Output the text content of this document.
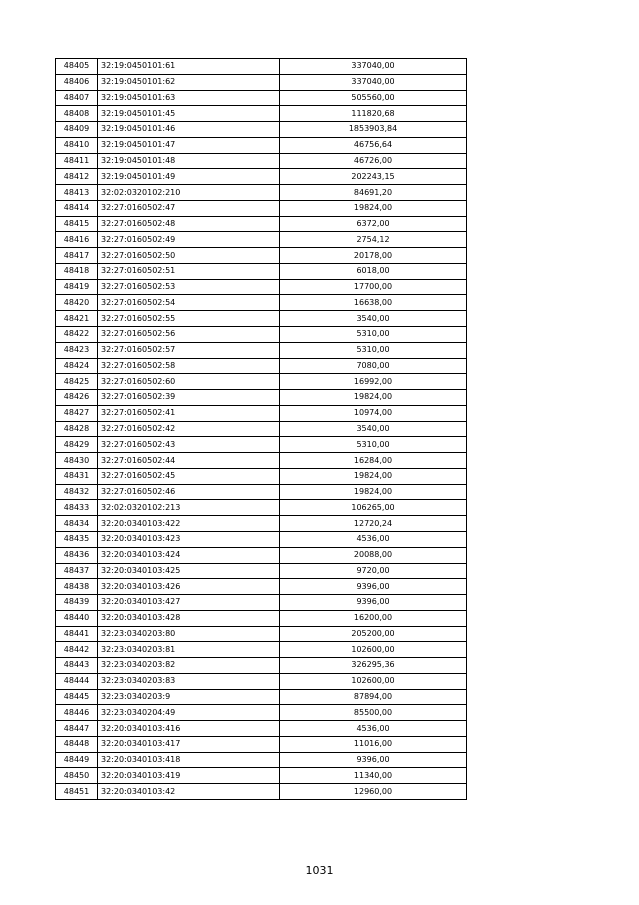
48405	32:19:0450101:61	337040,00
48406	32:19:0450101:62	337040,00
48407	32:19:0450101:63	505560,00
48408	32:19:0450101:45	111820,68
48409	32:19:0450101:46	1853903,84
48410	32:19:0450101:47	46756,64
48411	32:19:0450101:48	46726,00
48412	32:19:0450101:49	202243,15
48413	32:02:0320102:210	84691,20
48414	32:27:0160502:47	19824,00
48415	32:27:0160502:48	6372,00
48416	32:27:0160502:49	2754,12
48417	32:27:0160502:50	20178,00
48418	32:27:0160502:51	6018,00
48419	32:27:0160502:53	17700,00
48420	32:27:0160502:54	16638,00
48421	32:27:0160502:55	3540,00
48422	32:27:0160502:56	5310,00
48423	32:27:0160502:57	5310,00
48424	32:27:0160502:58	7080,00
48425	32:27:0160502:60	16992,00
48426	32:27:0160502:39	19824,00
48427	32:27:0160502:41	10974,00
48428	32:27:0160502:42	3540,00
48429	32:27:0160502:43	5310,00
48430	32:27:0160502:44	16284,00
48431	32:27:0160502:45	19824,00
48432	32:27:0160502:46	19824,00
48433	32:02:0320102:213	106265,00
48434	32:20:0340103:422	12720,24
48435	32:20:0340103:423	4536,00
48436	32:20:0340103:424	20088,00
48437	32:20:0340103:425	9720,00
48438	32:20:0340103:426	9396,00
48439	32:20:0340103:427	9396,00
48440	32:20:0340103:428	16200,00
48441	32:23:0340203:80	205200,00
48442	32:23:0340203:81	102600,00
48443	32:23:0340203:82	326295,36
48444	32:23:0340203:83	102600,00
48445	32:23:0340203:9	87894,00
48446	32:23:0340204:49	85500,00
48447	32:20:0340103:416	4536,00
48448	32:20:0340103:417	11016,00
48449	32:20:0340103:418	9396,00
48450	32:20:0340103:419	11340,00
48451	32:20:0340103:42	12960,00
1031
